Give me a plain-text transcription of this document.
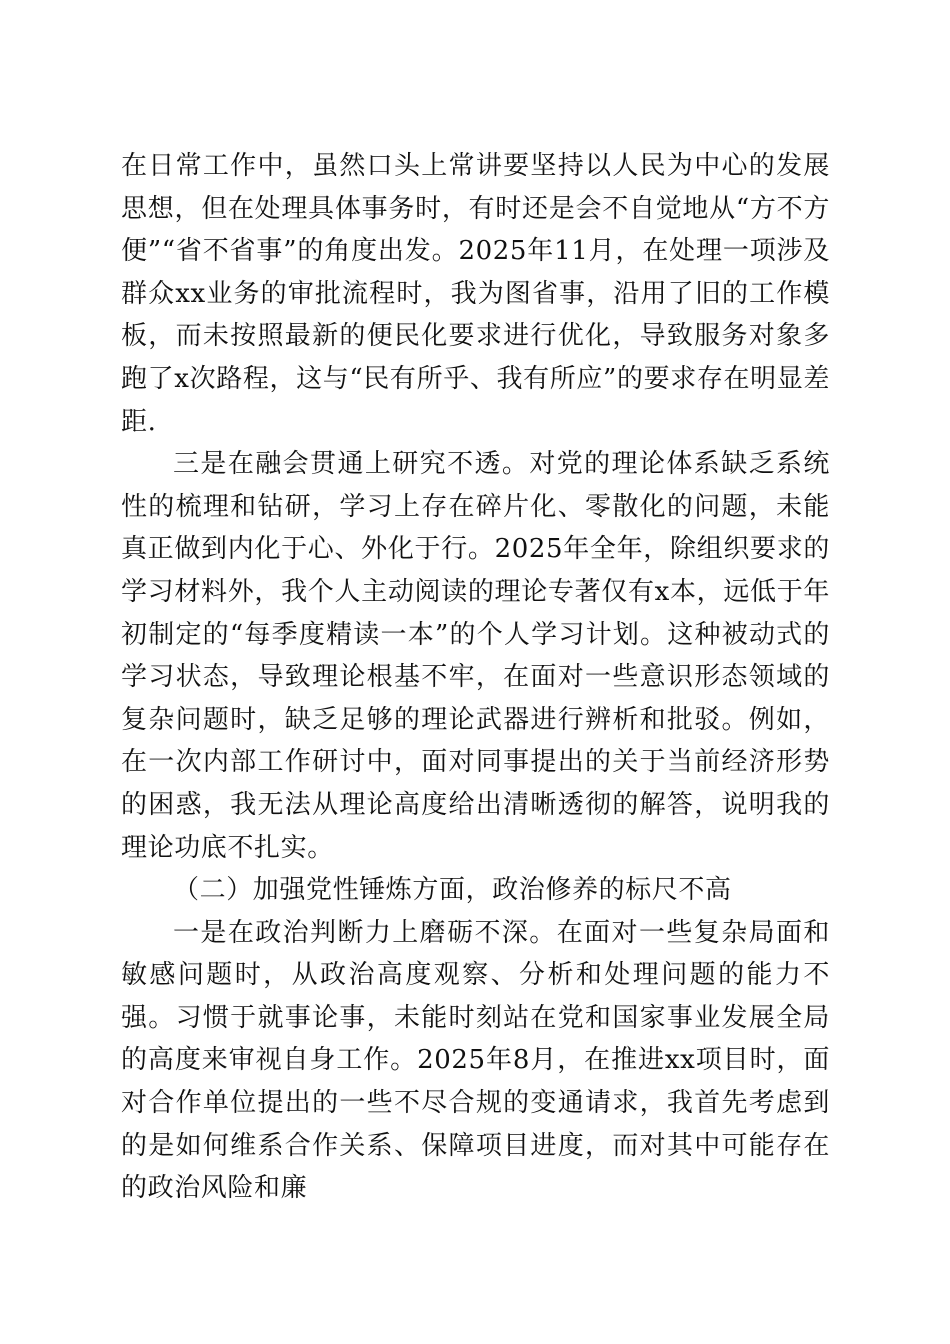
在日常工作中，虽然口头上常讲要坚持以人民为中心的发展思想，但在处理具体事务时，有时还是会不自觉地从“方不方便”“省不省事”的角度出发。2025年11月，在处理一项涉及群众xx业务的审批流程时，我为图省事，沿用了旧的工作模板，而未按照最新的便民化要求进行优化，导致服务对象多跑了x次路程，这与“民有所乎、我有所应”的要求存在明显差距.

三是在融会贯通上研究不透。对党的理论体系缺乏系统性的梳理和钻研，学习上存在碎片化、零散化的问题，未能真正做到内化于心、外化于行。2025年全年，除组织要求的学习材料外，我个人主动阅读的理论专著仅有x本，远低于年初制定的“每季度精读一本”的个人学习计划。这种被动式的学习状态，导致理论根基不牢，在面对一些意识形态领域的复杂问题时，缺乏足够的理论武器进行辨析和批驳。例如，在一次内部工作研讨中，面对同事提出的关于当前经济形势的困惑，我无法从理论高度给出清晰透彻的解答，说明我的理论功底不扎实。

（二）加强党性锤炼方面，政治修养的标尺不高

一是在政治判断力上磨砺不深。在面对一些复杂局面和敏感问题时，从政治高度观察、分析和处理问题的能力不强。习惯于就事论事，未能时刻站在党和国家事业发展全局的高度来审视自身工作。2025年8月，在推进xx项目时，面对合作单位提出的一些不尽合规的变通请求，我首先考虑到的是如何维系合作关系、保障项目进度，而对其中可能存在的政治风险和廉
